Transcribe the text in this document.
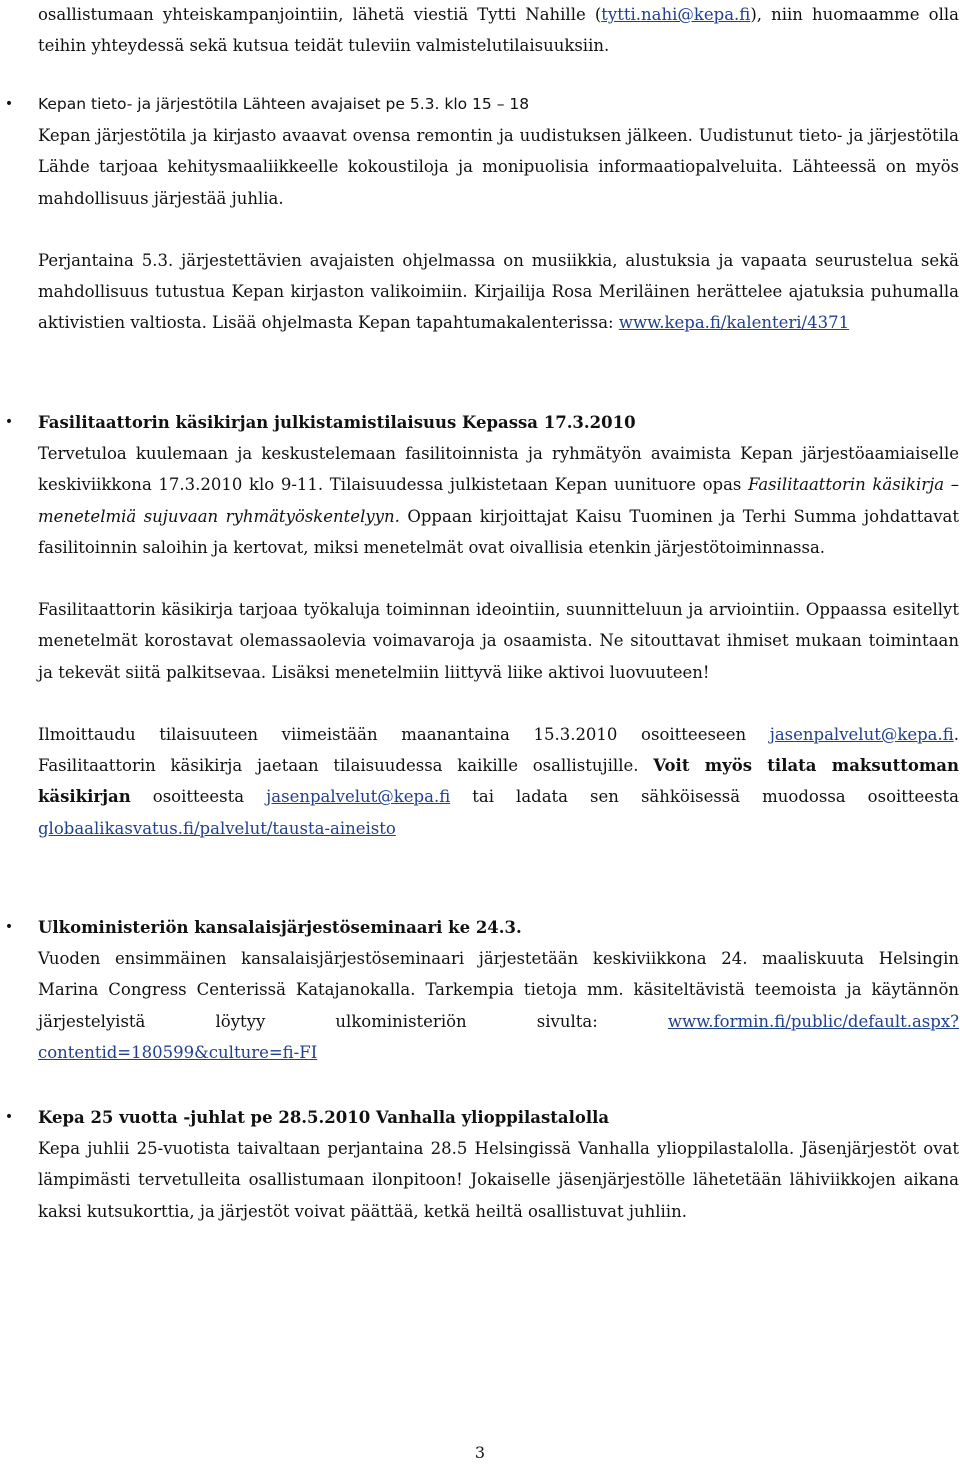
osallistumaan yhteiskampanjointiin, lähetä viestiä Tytti Nahille (tytti.nahi@kepa.fi), niin huomaamme olla teihin yhteydessä sekä kutsua teidät tuleviin valmistelutilaisuuksiin.

• Kepan tieto- ja järjestötila Lähteen avajaiset pe 5.3. klo 15 – 18

Kepan järjestötila ja kirjasto avaavat ovensa remontin ja uudistuksen jälkeen. Uudistunut tieto- ja järjestötila Lähde tarjoaa kehitysmaaliikkeelle kokoustiloja ja monipuolisia informaatiopalveluita. Lähteessä on myös mahdollisuus järjestää juhlia.

Perjantaina 5.3. järjestettävien avajaisten ohjelmassa on musiikkia, alustuksia ja vapaata seurustelua sekä mahdollisuus tutustua Kepan kirjaston valikoimiin. Kirjailija Rosa Meriläinen herättelee ajatuksia puhumalla aktivistien valtiosta. Lisää ohjelmasta Kepan tapahtumakalenterissa: www.kepa.fi/kalenteri/4371

• Fasilitaattorin käsikirjan julkistamistilaisuus Kepassa 17.3.2010

Tervetuloa kuulemaan ja keskustelemaan fasilitoinnista ja ryhmätyön avaimista Kepan järjestöaamiaiselle keskiviikkona 17.3.2010 klo 9-11. Tilaisuudessa julkistetaan Kepan uunituore opas Fasilitaattorin käsikirja – menetelmiä sujuvaan ryhmätyöskentelyyn. Oppaan kirjoittajat Kaisu Tuominen ja Terhi Summa johdattavat fasilitoinnin saloihin ja kertovat, miksi menetelmät ovat oivallisia etenkin järjestötoiminnassa.

Fasilitaattorin käsikirja tarjoaa työkaluja toiminnan ideointiin, suunnitteluun ja arviointiin. Oppaassa esitellyt menetelmät korostavat olemassaolevia voimavaroja ja osaamista. Ne sitouttavat ihmiset mukaan toimintaan ja tekevät siitä palkitsevaa. Lisäksi menetelmiin liittyvä liike aktivoi luovuuteen!

Ilmoittaudu tilaisuuteen viimeistään maanantaina 15.3.2010 osoitteeseen jasenpalvelut@kepa.fi. Fasilitaattorin käsikirja jaetaan tilaisuudessa kaikille osallistujille. Voit myös tilata maksuttoman käsikirjan osoitteesta jasenpalvelut@kepa.fi tai ladata sen sähköisessä muodossa osoitteesta globaalikasvatus.fi/palvelut/tausta-aineisto

• Ulkoministeriön kansalaisjärjestöseminaari ke 24.3.

Vuoden ensimmäinen kansalaisjärjestöseminaari järjestetään keskiviikkona 24. maaliskuuta Helsingin Marina Congress Centerissä Katajanokalla. Tarkempia tietoja mm. käsiteltävistä teemoista ja käytännön järjestelyistä löytyy ulkoministeriön sivulta: www.formin.fi/public/default.aspx?contentid=180599&culture=fi-FI

• Kepa 25 vuotta -juhlat pe 28.5.2010 Vanhalla ylioppilastalolla

Kepa juhlii 25-vuotista taivaltaan perjantaina 28.5 Helsingissä Vanhalla ylioppilastalolla. Jäsenjärjestöt ovat lämpimästi tervetulleita osallistumaan ilonpitoon! Jokaiselle jäsenjärjestölle lähetetään lähiviikkojen aikana kaksi kutsukorttia, ja järjestöt voivat päättää, ketkä heiltä osallistuvat juhliin.

3
